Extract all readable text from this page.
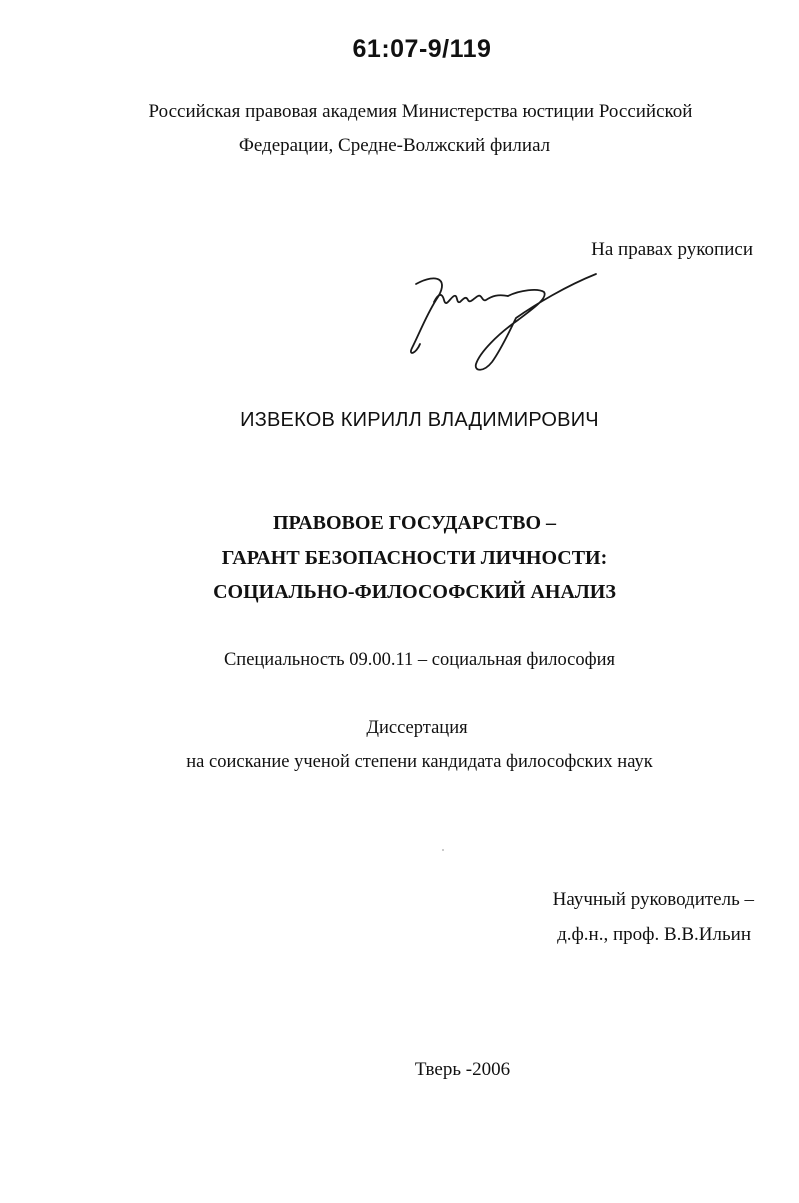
61:07-9/119
Российская правовая академия Министерства юстиции Российской
Федерации, Средне-Волжский филиал
На правах рукописи
ИЗВЕКОВ КИРИЛЛ ВЛАДИМИРОВИЧ
ПРАВОВОЕ ГОСУДАРСТВО –
ГАРАНТ БЕЗОПАСНОСТИ ЛИЧНОСТИ:
СОЦИАЛЬНО-ФИЛОСОФСКИЙ АНАЛИЗ
Специальность 09.00.11 – социальная философия
Диссертация
на соискание ученой степени кандидата философских наук
Научный руководитель –
д.ф.н., проф. В.В.Ильин
Тверь -2006
